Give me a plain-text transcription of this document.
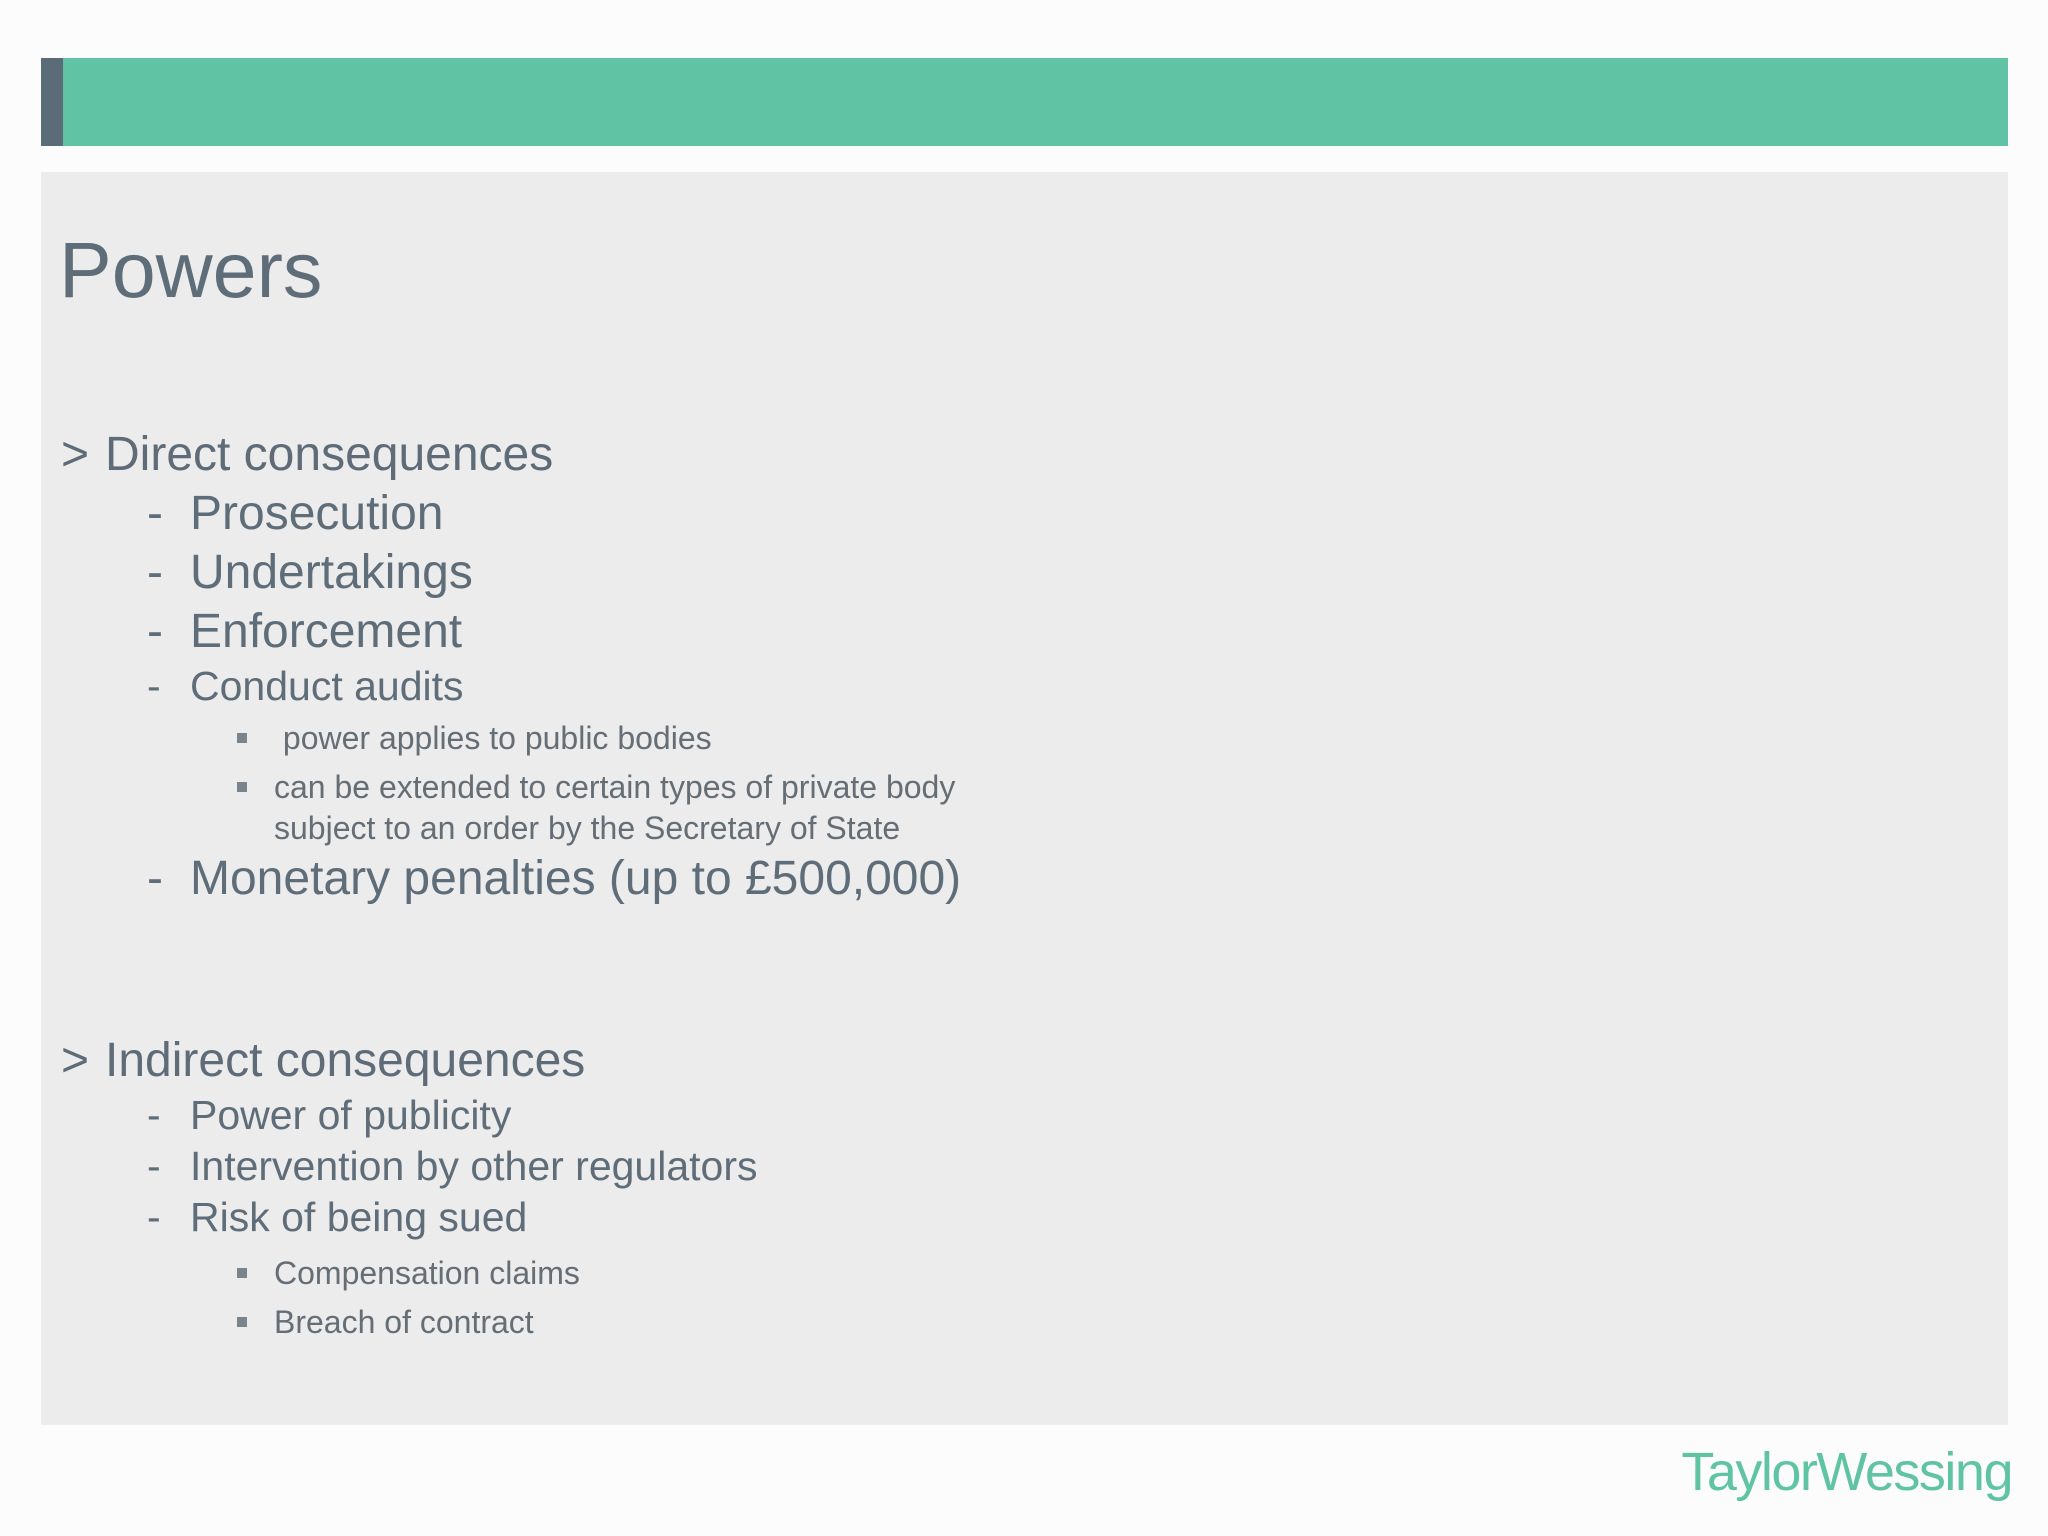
Powers
> Direct consequences
- Prosecution
- Undertakings
- Enforcement
- Conduct audits
power applies to public bodies
can be extended to certain types of private body subject to an order by the Secretary of State
- Monetary penalties (up to £500,000)
> Indirect consequences
- Power of publicity
- Intervention by other regulators
- Risk of being sued
Compensation claims
Breach of contract
TaylorWessing
